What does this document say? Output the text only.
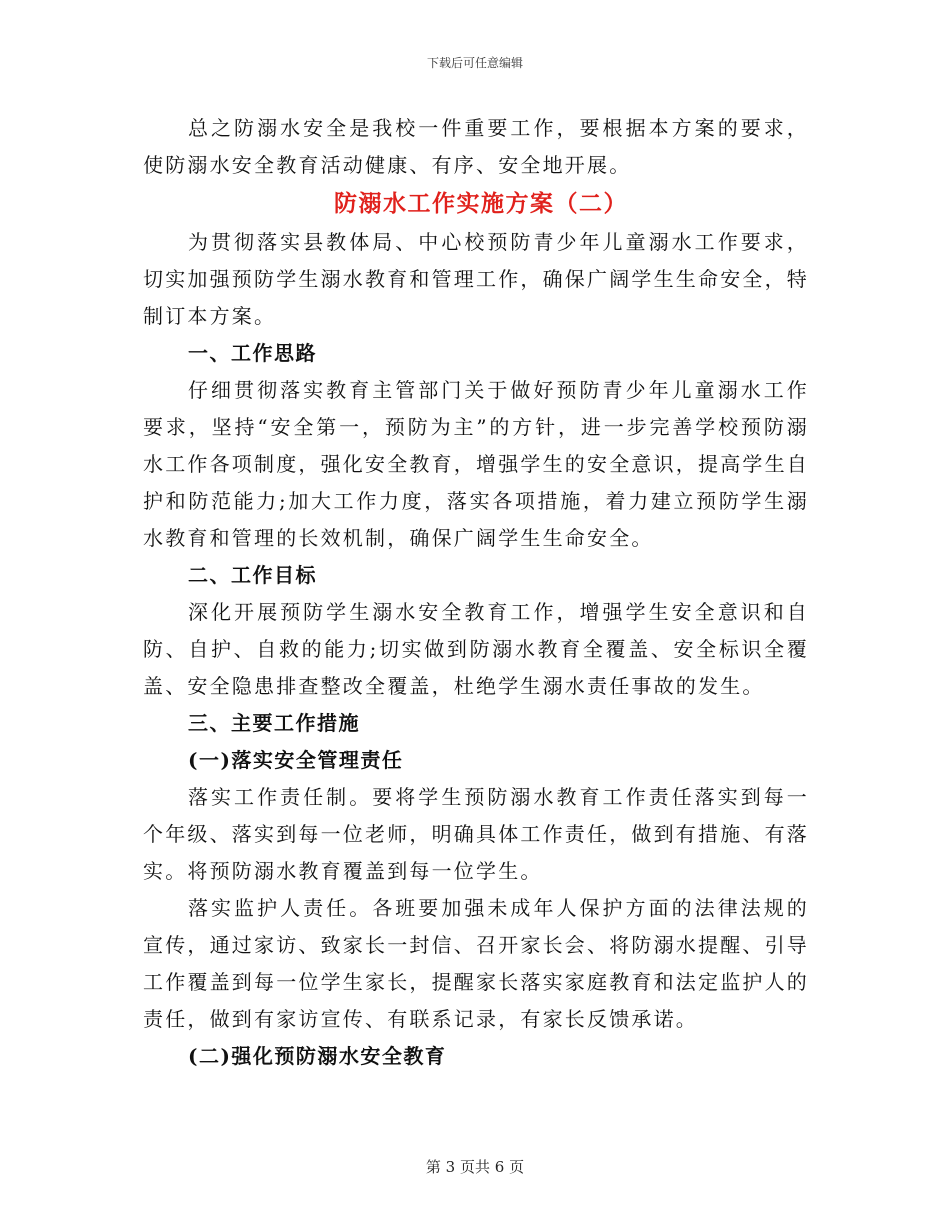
下载后可任意编辑

总之防溺水安全是我校一件重要工作，要根据本方案的要求，使防溺水安全教育活动健康、有序、安全地开展。

防溺水工作实施方案（二）

为贯彻落实县教体局、中心校预防青少年儿童溺水工作要求，切实加强预防学生溺水教育和管理工作，确保广阔学生生命安全，特制订本方案。

一、工作思路

仔细贯彻落实教育主管部门关于做好预防青少年儿童溺水工作要求，坚持“安全第一，预防为主”的方针，进一步完善学校预防溺水工作各项制度，强化安全教育，增强学生的安全意识，提高学生自护和防范能力;加大工作力度，落实各项措施，着力建立预防学生溺水教育和管理的长效机制，确保广阔学生生命安全。

二、工作目标

深化开展预防学生溺水安全教育工作，增强学生安全意识和自防、自护、自救的能力;切实做到防溺水教育全覆盖、安全标识全覆盖、安全隐患排查整改全覆盖，杜绝学生溺水责任事故的发生。

三、主要工作措施

(一)落实安全管理责任

落实工作责任制。要将学生预防溺水教育工作责任落实到每一个年级、落实到每一位老师，明确具体工作责任，做到有措施、有落实。将预防溺水教育覆盖到每一位学生。

落实监护人责任。各班要加强未成年人保护方面的法律法规的宣传，通过家访、致家长一封信、召开家长会、将防溺水提醒、引导工作覆盖到每一位学生家长，提醒家长落实家庭教育和法定监护人的责任，做到有家访宣传、有联系记录，有家长反馈承诺。

(二)强化预防溺水安全教育

第 3 页共 6 页
